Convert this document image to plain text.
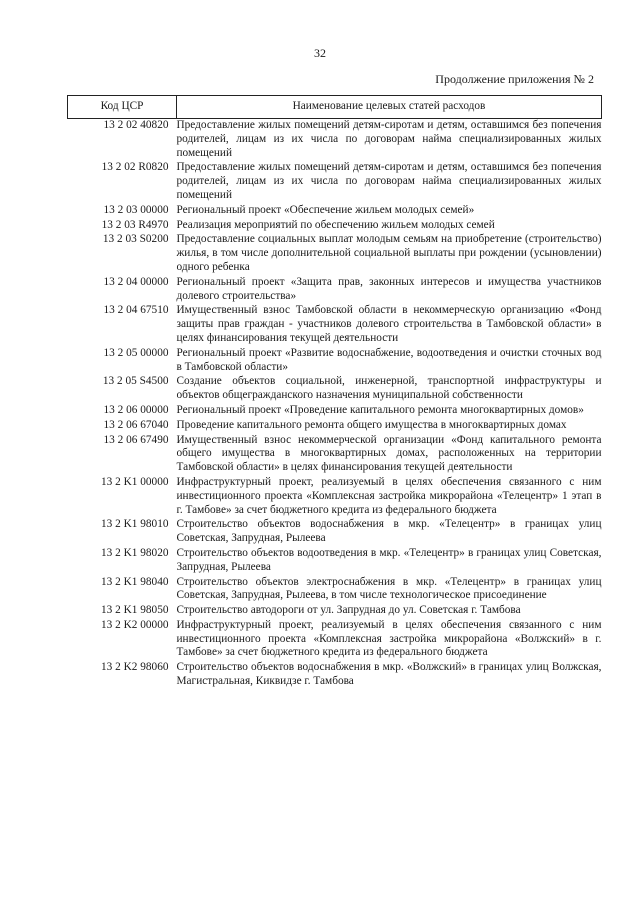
32
Продолжение приложения № 2
Код ЦСР	Наименование целевых статей расходов
13 2 02 40820	Предоставление жилых помещений детям-сиротам и детям, оставшимся без попечения родителей, лицам из их числа по договорам найма специализированных жилых помещений
13 2 02 R0820	Предоставление жилых помещений детям-сиротам и детям, оставшимся без попечения родителей, лицам из их числа по договорам найма специализированных жилых помещений
13 2 03 00000	Региональный проект «Обеспечение жильем молодых семей»
13 2 03 R4970	Реализация мероприятий по обеспечению жильем молодых семей
13 2 03 S0200	Предоставление социальных выплат молодым семьям на приобретение (строительство) жилья, в том числе дополнительной социальной выплаты при рождении (усыновлении) одного ребенка
13 2 04 00000	Региональный проект «Защита прав, законных интересов и имущества участников долевого строительства»
13 2 04 67510	Имущественный взнос Тамбовской области в некоммерческую организацию «Фонд защиты прав граждан - участников долевого строительства в Тамбовской области» в целях финансирования текущей деятельности
13 2 05 00000	Региональный проект «Развитие водоснабжение, водоотведения и очистки сточных вод в Тамбовской области»
13 2 05 S4500	Создание объектов социальной, инженерной, транспортной инфраструктуры и объектов общегражданского назначения муниципальной собственности
13 2 06 00000	Региональный проект «Проведение капитального ремонта многоквартирных домов»
13 2 06 67040	Проведение капитального ремонта общего имущества в многоквартирных домах
13 2 06 67490	Имущественный взнос некоммерческой организации «Фонд капитального ремонта общего имущества в многоквартирных домах, расположенных на территории Тамбовской области» в целях финансирования текущей деятельности
13 2 K1 00000	Инфраструктурный проект, реализуемый в целях обеспечения связанного с ним инвестиционного проекта «Комплексная застройка микрорайона «Телецентр» 1 этап в г. Тамбове» за счет бюджетного кредита из федерального бюджета
13 2 K1 98010	Строительство объектов водоснабжения в мкр. «Телецентр» в границах улиц Советская, Запрудная, Рылеева
13 2 K1 98020	Строительство объектов водоотведения в мкр. «Телецентр» в границах улиц Советская, Запрудная, Рылеева
13 2 K1 98040	Строительство объектов электроснабжения в мкр. «Телецентр» в границах улиц Советская, Запрудная, Рылеева, в том числе технологическое присоединение
13 2 K1 98050	Строительство автодороги от ул. Запрудная до ул. Советская г. Тамбова
13 2 K2 00000	Инфраструктурный проект, реализуемый в целях обеспечения связанного с ним инвестиционного проекта «Комплексная застройка микрорайона «Волжский» в г. Тамбове» за счет бюджетного кредита из федерального бюджета
13 2 K2 98060	Строительство объектов водоснабжения в мкр. «Волжский» в границах улиц Волжская, Магистральная, Киквидзе г. Тамбова
